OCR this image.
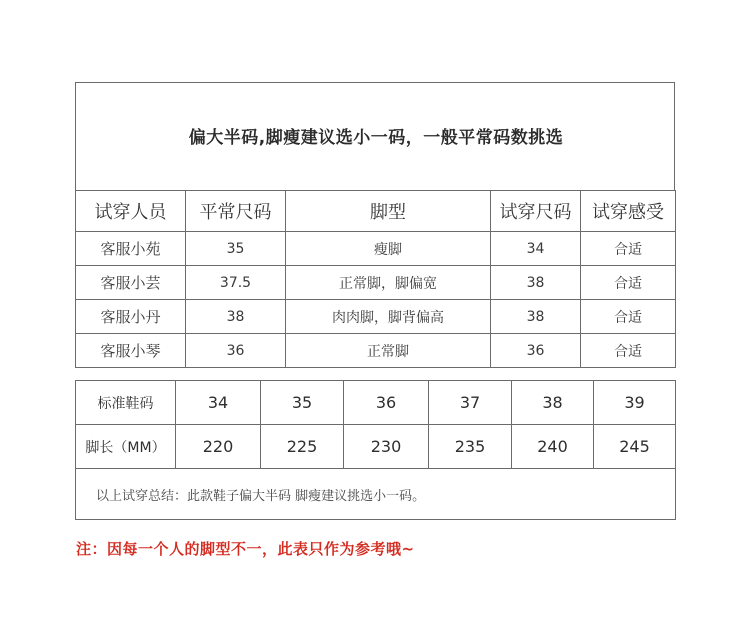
偏大半码,脚瘦建议选小一码，一般平常码数挑选
试穿人员	平常尺码	脚型	试穿尺码	试穿感受
客服小苑	35	瘦脚	34	合适
客服小芸	37.5	正常脚，脚偏宽	38	合适
客服小丹	38	肉肉脚，脚背偏高	38	合适
客服小琴	36	正常脚	36	合适
标准鞋码	34	35	36	37	38	39
脚长（MM）	220	225	230	235	240	245
以上试穿总结：此款鞋子偏大半码 脚瘦建议挑选小一码。						
注：因每一个人的脚型不一，此表只作为参考哦~
